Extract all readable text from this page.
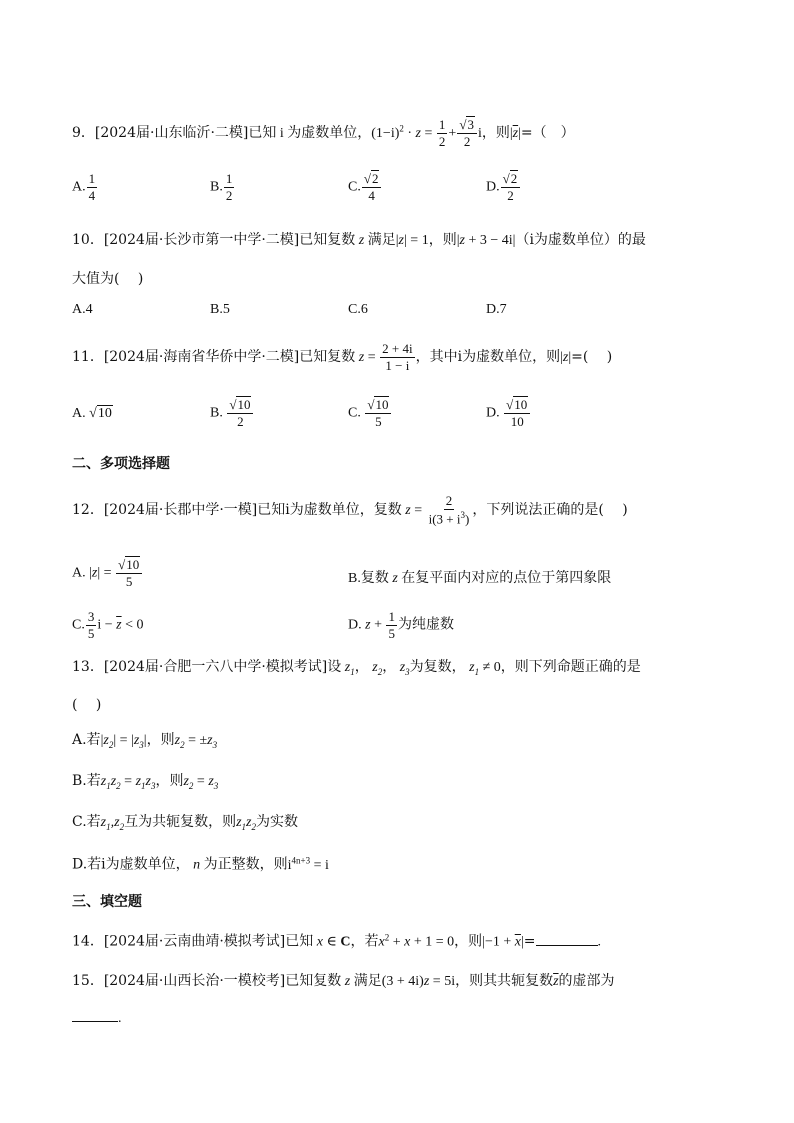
9．[2024届·山东临沂·二模]已知 i 为虚数单位，$(1-i)^2 \cdot z = \frac{1}{2} + \frac{√3}{2}$ i，则$|\overline{z}|=$（　）
A. $\frac{1}{4}$	B. $\frac{1}{2}$	C. $\frac{√2}{4}$	D. $\frac{√2}{2}$
10．[2024届·长沙市第一中学·二模]已知复数 z 满足|z| = 1，则|z + 3 − 4i|（i为虚数单位）的最
大值为(　 )
A.4	B.5	C.6	D.7
11．[2024届·海南省华侨中学·二模]已知复数 $z = \frac{2 + 4i}{1 - i}$ ，其中i为虚数单位，则|z|=(　 )
A. √10	B. $\frac{√10}{2}$	C. $\frac{√10}{5}$	D. $\frac{√10}{10}$
二、多项选择题
12．[2024届·长郡中学·一模]已知i为虚数单位，复数 $z = \frac{2}{i(3 + i^3)}$ ，下列说法正确的是(　 )
A. $|z| = \frac{√10}{5}$	B.复数 z 在复平面内对应的点位于第四象限
C. $\frac{3}{5}$ $i - \overline{z} < 0$	D. $z + \frac{1}{5}$ 为纯虚数
13．[2024届·合肥一六八中学·模拟考试]设 $z_1$， $z_2$， $z_3$为复数， $z_1 \ne 0$，则下列命题正确的是
(　 )
A.若$|z_2| = |z_3|$，则$z_2 = \pm z_3$
B.若$z_1z_2 = z_1z_3$，则$z_2 = z_3$
C.若$z_1,z_2$互为共轭复数，则$z_1z_2$为实数
D.若i为虚数单位， n 为正整数，则$i^{4n+3} = i$
三、填空题
14．[2024届·云南曲靖·模拟考试]已知 x ∈ C，若$x^2 + x + 1 = 0$，则$|-1 + \overline{x}|=$	.
15．[2024届·山西长治·一模校考]已知复数 z 满足(3 + 4i)z = 5i，则其共轭复数$\overline{z}$的虚部为
.
